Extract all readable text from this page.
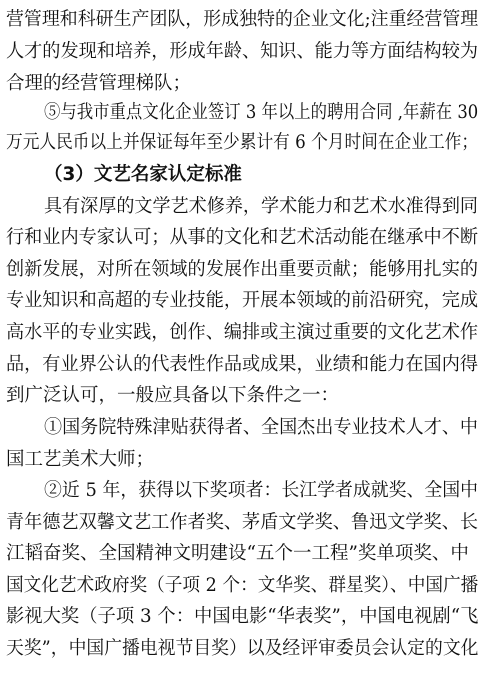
营管理和科研生产团队，形成独特的企业文化;注重经营管理
人才的发现和培养，形成年龄、知识、能力等方面结构较为
合理的经营管理梯队；
⑤与我市重点文化企业签订 3 年以上的聘用合同 ,年薪在 30
万元人民币以上并保证每年至少累计有 6 个月时间在企业工作；
（3）文艺名家认定标准
具有深厚的文学艺术修养，学术能力和艺术水准得到同
行和业内专家认可；从事的文化和艺术活动能在继承中不断
创新发展，对所在领域的发展作出重要贡献；能够用扎实的
专业知识和高超的专业技能，开展本领域的前沿研究，完成
高水平的专业实践，创作、编排或主演过重要的文化艺术作
品，有业界公认的代表性作品或成果，业绩和能力在国内得
到广泛认可，一般应具备以下条件之一：
①国务院特殊津贴获得者、全国杰出专业技术人才、中
国工艺美术大师；
②近 5 年，获得以下奖项者：长江学者成就奖、全国中
青年德艺双馨文艺工作者奖、茅盾文学奖、鲁迅文学奖、长
江韬奋奖、全国精神文明建设“五个一工程”奖单项奖、中
国文化艺术政府奖（子项 2 个：文华奖、群星奖）、中国广播
影视大奖（子项 3 个：中国电影“华表奖”，中国电视剧“飞
天奖”，中国广播电视节目奖）以及经评审委员会认定的文化
